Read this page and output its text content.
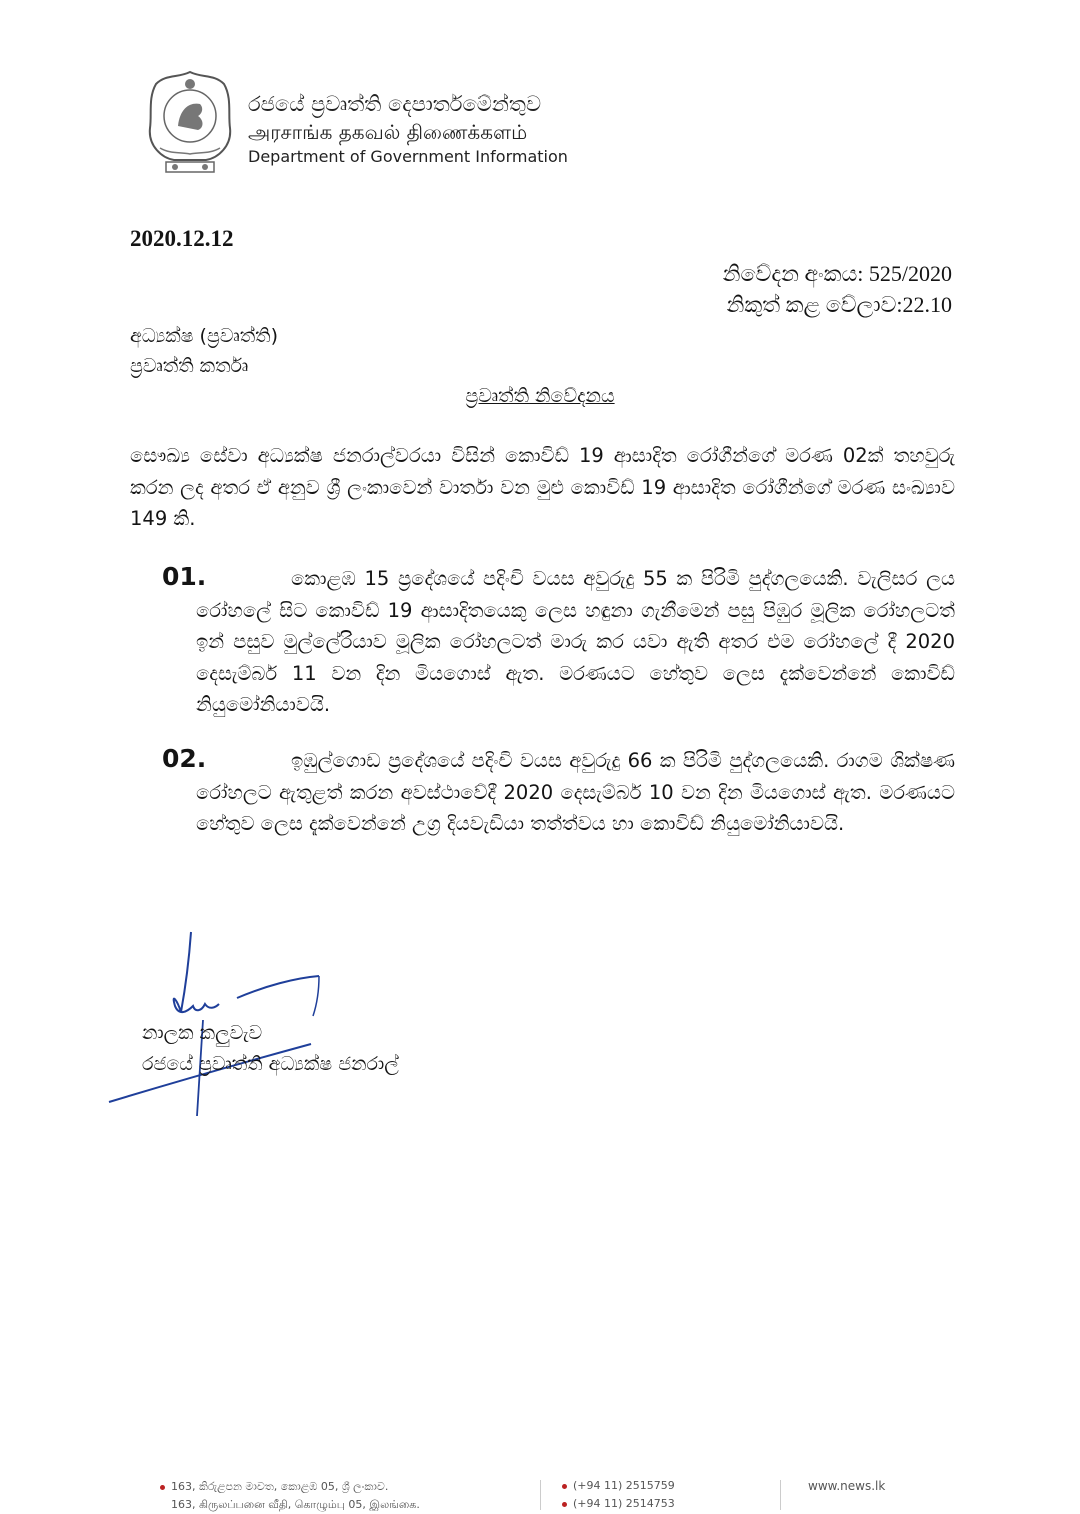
රජයේ ප්‍රවෘත්ති දෙපාර්තමේන්තුව
அரசாங்க தகவல் திணைக்களம்
Department of Government Information
2020.12.12
නිවේදන අංකය: 525/2020
නිකුත් කළ වේලාව:22.10
අධ්‍යක්ෂ (ප්‍රවෘත්ති)
ප්‍රවෘත්ති කර්තෘ
ප්‍රවෘත්ති නිවේදනය
සෞඛ්‍ය සේවා අධ්‍යක්ෂ ජනරාල්වරයා විසින් කොවිඩ් 19 ආසාදිත රෝගීන්ගේ මරණ 02ක් තහවුරු කරන ලද අතර ඒ අනුව ශ්‍රී ලංකාවෙන් වාර්තා වන මුළු කොවිඩ් 19 ආසාදිත රෝගීන්ගේ මරණ සංඛ්‍යාව 149 කි.
01.	කොළඹ 15 ප්‍රදේශයේ පදිංචි වයස අවුරුදු 55 ක පිරිමි පුද්ගලයෙකි. වැලිසර ලය රෝහලේ සිට කොවිඩ් 19 ආසාදිතයෙකු ලෙස හඳුනා ගැනීමෙන් පසු පිඹුර මූලික රෝහලටත් ඉන් පසුව මුල්ලේරියාව මූලික රෝහලටත් මාරු කර යවා ඇති අතර එම රෝහලේ දී 2020 දෙසැම්බර් 11 වන දින මියගොස් ඇත. මරණයට හේතුව ලෙස දැක්වෙන්නේ කොවිඩ් නියුමෝනියාවයි.
02.	ඉඹුල්ගොඩ ප්‍රදේශයේ පදිංචි වයස අවුරුදු 66 ක පිරිමි පුද්ගලයෙකි. රාගම ශික්ෂණ රෝහලට ඇතුළත් කරන අවස්ථාවේදී 2020 දෙසැම්බර් 10 වන දින මියගොස් ඇත. මරණයට හේතුව ලෙස දැක්වෙන්නේ උග්‍ර දියවැඩියා තත්ත්වය හා කොවිඩ් නියුමෝනියාවයි.
නාලක කලුවැව
රජයේ ප්‍රවෘත්ති අධ්‍යක්ෂ ජනරාල්
163, කිරුළපන මාවත, කොළඹ 05, ශ්‍රී ලංකාව.
163, கிருலப்பனை வீதி, கொழும்பு 05, இலங்கை.
(+94 11) 2515759
(+94 11) 2514753
www.news.lk
